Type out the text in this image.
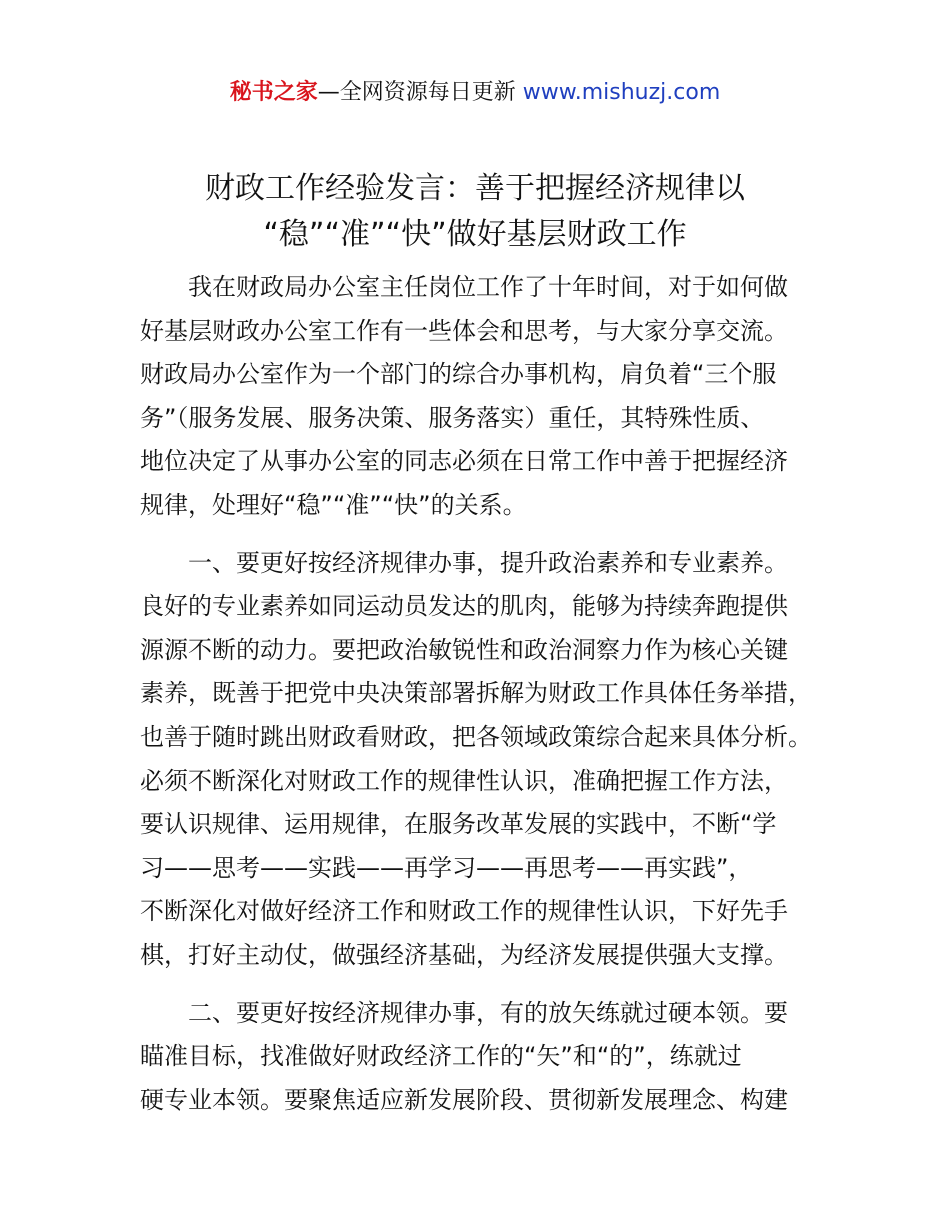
秘书之家—全网资源每日更新 www.mishuzj.com
财政工作经验发言：善于把握经济规律以
“稳”“准”“快”做好基层财政工作
我在财政局办公室主任岗位工作了十年时间，对于如何做
好基层财政办公室工作有一些体会和思考，与大家分享交流。
财政局办公室作为一个部门的综合办事机构，肩负着“三个服
务”（服务发展、服务决策、服务落实）重任，其特殊性质、
地位决定了从事办公室的同志必须在日常工作中善于把握经济
规律，处理好“稳”“准”“快”的关系。
一、要更好按经济规律办事，提升政治素养和专业素养。
良好的专业素养如同运动员发达的肌肉，能够为持续奔跑提供
源源不断的动力。要把政治敏锐性和政治洞察力作为核心关键
素养，既善于把党中央决策部署拆解为财政工作具体任务举措，
也善于随时跳出财政看财政，把各领域政策综合起来具体分析。
必须不断深化对财政工作的规律性认识，准确把握工作方法，
要认识规律、运用规律，在服务改革发展的实践中，不断“学
习——思考——实践——再学习——再思考——再实践”，
不断深化对做好经济工作和财政工作的规律性认识，下好先手
棋，打好主动仗，做强经济基础，为经济发展提供强大支撑。
二、要更好按经济规律办事，有的放矢练就过硬本领。要
瞄准目标，找准做好财政经济工作的“矢”和“的”，练就过
硬专业本领。要聚焦适应新发展阶段、贯彻新发展理念、构建
